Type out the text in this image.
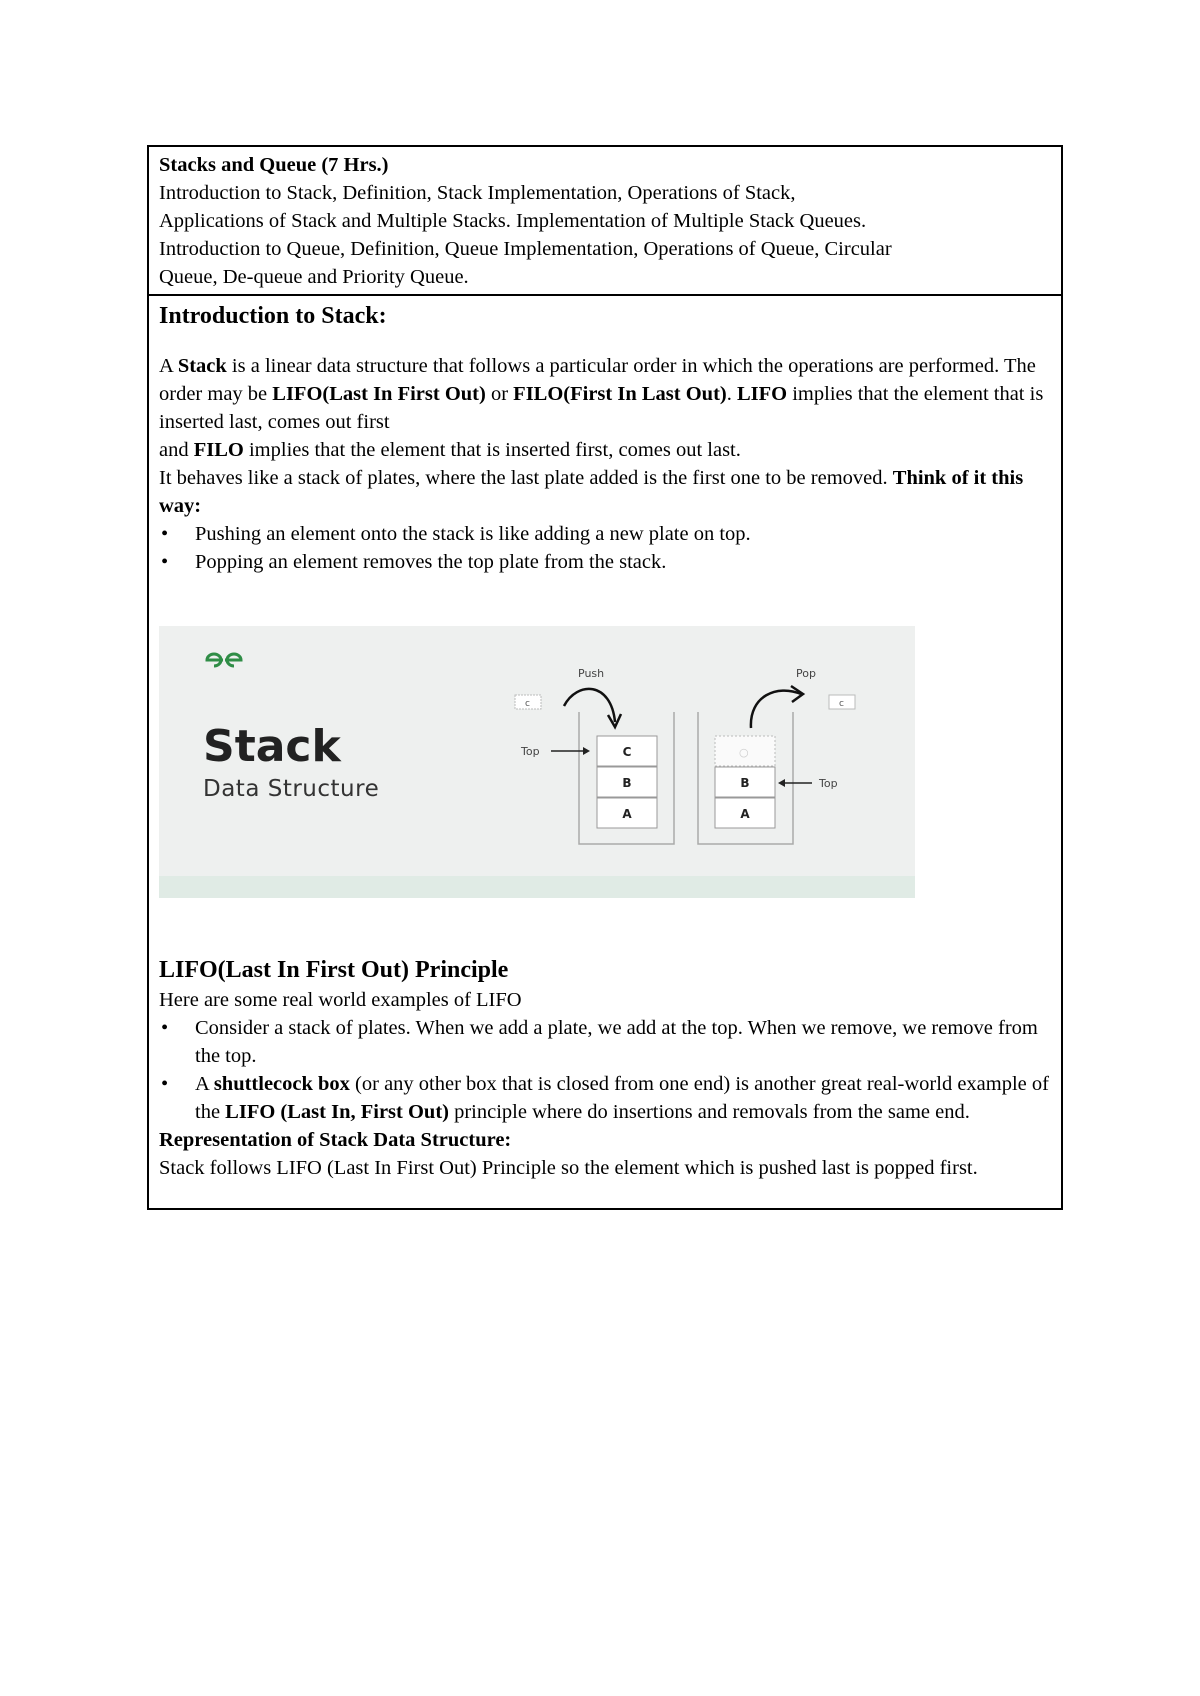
Stacks and Queue (7 Hrs.)

Introduction to Stack, Definition, Stack Implementation, Operations of Stack,

Applications of Stack and Multiple Stacks. Implementation of Multiple Stack Queues.

Introduction to Queue, Definition, Queue Implementation, Operations of Queue, Circular

Queue, De-queue and Priority Queue.

Introduction to Stack:

A Stack is a linear data structure that follows a particular order in which the operations are performed. The order may be LIFO(Last In First Out) or FILO(First In Last Out). LIFO implies that the element that is inserted last, comes out first

and FILO implies that the element that is inserted first, comes out last.

It behaves like a stack of plates, where the last plate added is the first one to be removed. Think of it this way:

• Pushing an element onto the stack is like adding a new plate on top.
• Popping an element removes the top plate from the stack.
Stack
Data Structure
Push	Pop
c	c
C
B
A
○
B
A
Top
Top
LIFO(Last In First Out) Principle

Here are some real world examples of LIFO

• Consider a stack of plates. When we add a plate, we add at the top. When we remove, we remove from the top.
• A shuttlecock box (or any other box that is closed from one end) is another great real-world example of the LIFO (Last In, First Out) principle where do insertions and removals from the same end.

Representation of Stack Data Structure:

Stack follows LIFO (Last In First Out) Principle so the element which is pushed last is popped first.
